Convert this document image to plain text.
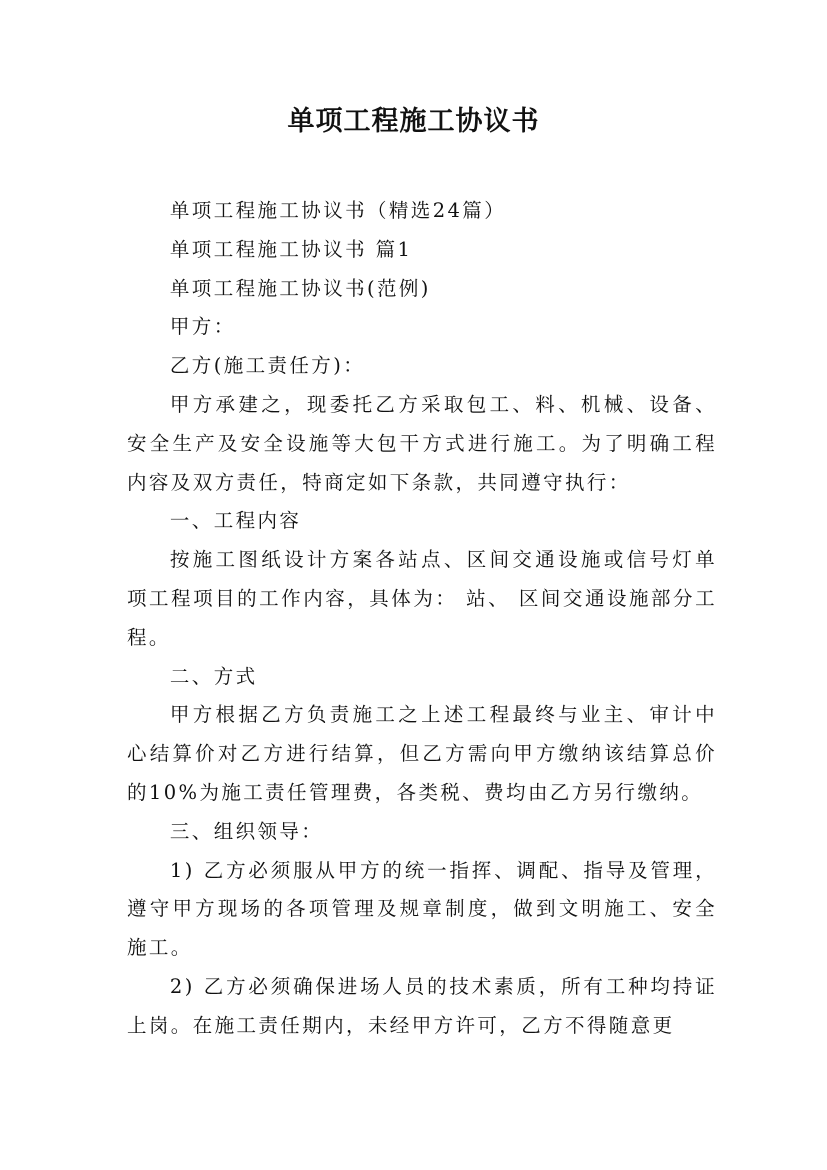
单项工程施工协议书

单项工程施工协议书（精选24篇）

单项工程施工协议书 篇1

单项工程施工协议书(范例)

甲方：

乙方(施工责任方)：

甲方承建之，现委托乙方采取包工、料、机械、设备、安全生产及安全设施等大包干方式进行施工。为了明确工程内容及双方责任，特商定如下条款，共同遵守执行：

一、工程内容

按施工图纸设计方案各站点、区间交通设施或信号灯单项工程项目的工作内容，具体为： 站、 区间交通设施部分工程。

二、方式

甲方根据乙方负责施工之上述工程最终与业主、审计中心结算价对乙方进行结算，但乙方需向甲方缴纳该结算总价的10%为施工责任管理费，各类税、费均由乙方另行缴纳。

三、组织领导：

1) 乙方必须服从甲方的统一指挥、调配、指导及管理，遵守甲方现场的各项管理及规章制度，做到文明施工、安全施工。

2) 乙方必须确保进场人员的技术素质，所有工种均持证上岗。在施工责任期内，未经甲方许可，乙方不得随意更
